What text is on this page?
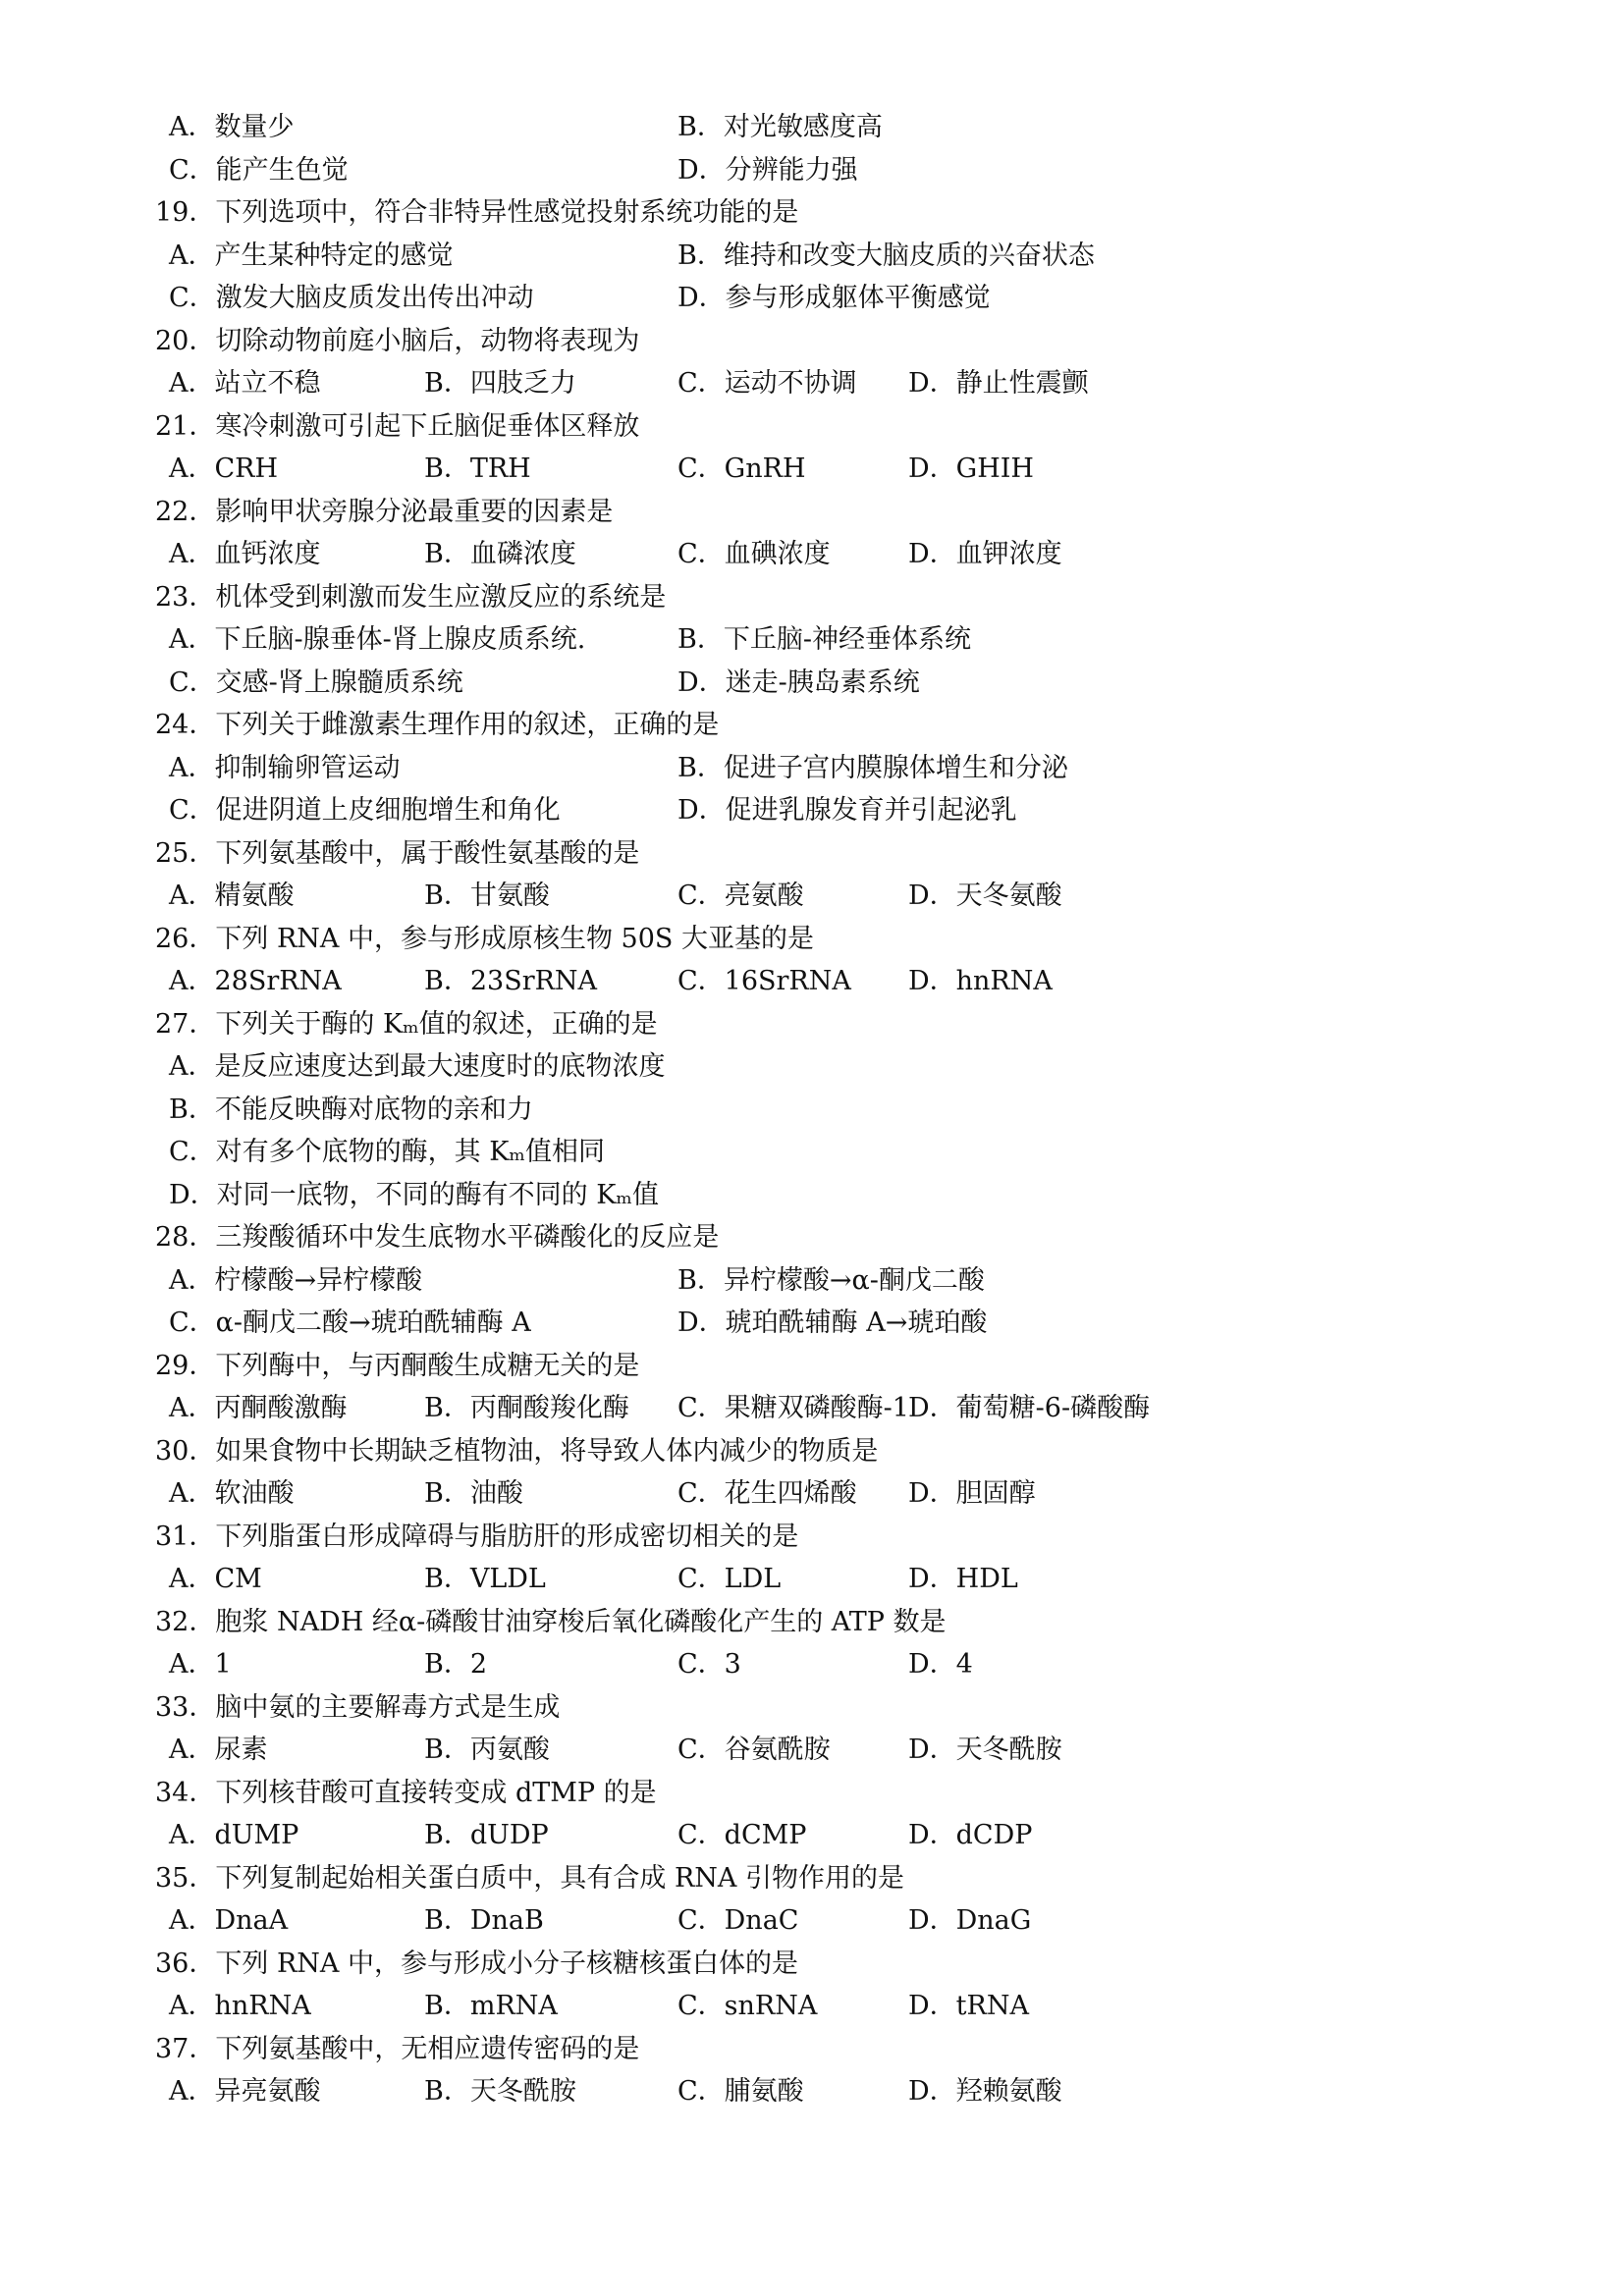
A．数量少	B．对光敏感度高
C．能产生色觉	D．分辨能力强
19．下列选项中，符合非特异性感觉投射系统功能的是
A．产生某种特定的感觉	B．维持和改变大脑皮质的兴奋状态
C．激发大脑皮质发出传出冲动	D．参与形成躯体平衡感觉
20．切除动物前庭小脑后，动物将表现为
A．站立不稳	B．四肢乏力	C．运动不协调 D．静止性震颤
21．寒冷刺激可引起下丘脑促垂体区释放
A．CRH	B．TRH	C．GnRH	D．GHIH
22．影响甲状旁腺分泌最重要的因素是
A．血钙浓度	B．血磷浓度	C．血碘浓度	D．血钾浓度
23．机体受到刺激而发生应激反应的系统是
A．下丘脑-腺垂体-肾上腺皮质系统.	B．下丘脑-神经垂体系统
C．交感-肾上腺髓质系统	D．迷走-胰岛素系统
24．下列关于雌激素生理作用的叙述，正确的是
A．抑制输卵管运动	B．促进子宫内膜腺体增生和分泌
C．促进阴道上皮细胞增生和角化	D．促进乳腺发育并引起泌乳
25．下列氨基酸中，属于酸性氨基酸的是
A．精氨酸	B．甘氨酸	C．亮氨酸	D．天冬氨酸
26．下列 RNA 中，参与形成原核生物 50S 大亚基的是
A．28SrRNA	B．23SrRNA	C．16SrRNA D．hnRNA
27．下列关于酶的 Kₘ值的叙述，正确的是
A．是反应速度达到最大速度时的底物浓度
B．不能反映酶对底物的亲和力
C．对有多个底物的酶，其 Kₘ值相同
D．对同一底物，不同的酶有不同的 Kₘ值
28．三羧酸循环中发生底物水平磷酸化的反应是
A．柠檬酸→异柠檬酸	B．异柠檬酸→α-酮戊二酸
C．α-酮戊二酸→琥珀酰辅酶 A	D．琥珀酰辅酶 A→琥珀酸
29．下列酶中，与丙酮酸生成糖无关的是
A．丙酮酸激酶	B．丙酮酸羧化酶 C．果糖双磷酸酶-1 D．葡萄糖-6-磷酸酶
30．如果食物中长期缺乏植物油，将导致人体内减少的物质是
A．软油酸	B．油酸	C．花生四烯酸 D．胆固醇
31．下列脂蛋白形成障碍与脂肪肝的形成密切相关的是
A．CM	B．VLDL	C．LDL	D．HDL
32．胞浆 NADH 经α-磷酸甘油穿梭后氧化磷酸化产生的 ATP 数是
A．1	B．2	C．3	D．4
33．脑中氨的主要解毒方式是生成
A．尿素	B．丙氨酸	C．谷氨酰胺	D．天冬酰胺
34．下列核苷酸可直接转变成 dTMP 的是
A．dUMP	B．dUDP	C．dCMP	D．dCDP
35．下列复制起始相关蛋白质中，具有合成 RNA 引物作用的是
A．DnaA	B．DnaB	C．DnaC	D．DnaG
36．下列 RNA 中，参与形成小分子核糖核蛋白体的是
A．hnRNA	B．mRNA	C．snRNA	D．tRNA
37．下列氨基酸中，无相应遗传密码的是
A．异亮氨酸	B．天冬酰胺	C．脯氨酸	D．羟赖氨酸
